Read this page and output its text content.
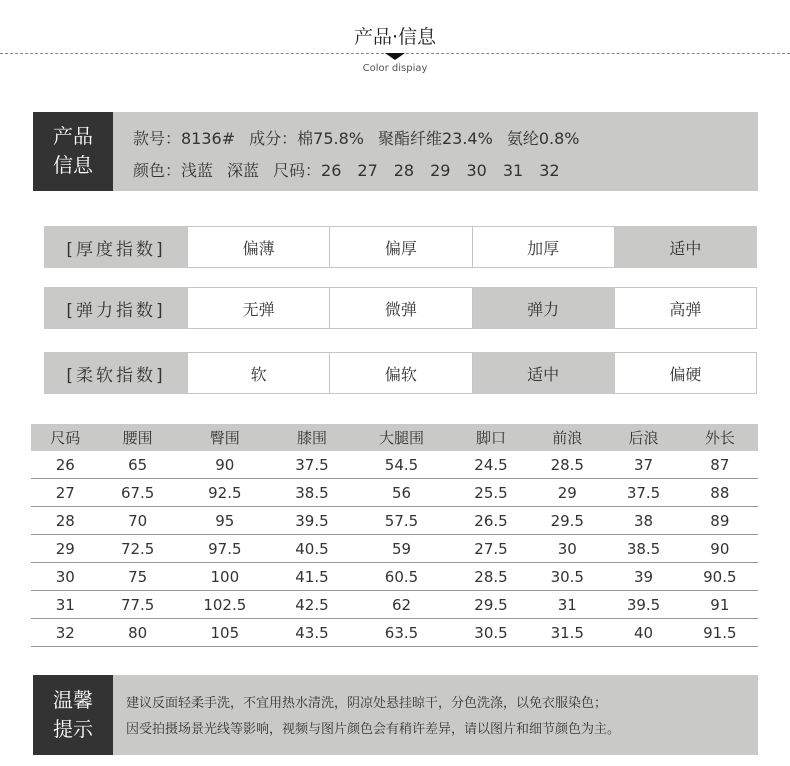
产品·信息
Color dispiay
产品
信息
款号：8136# 成分：棉75.8% 聚酯纤维23.4% 氨纶0.8%
颜色：浅蓝 深蓝 尺码：26　27　28　29　30　31　32
[厚度指数]	偏薄	偏厚	加厚	适中
[弹力指数]	无弹	微弹	弹力	高弹
[柔软指数]	软	偏软	适中	偏硬
尺码	腰围	臀围	膝围	大腿围	脚口	前浪	后浪	外长
26	65	90	37.5	54.5	24.5	28.5	37	87
27	67.5	92.5	38.5	56	25.5	29	37.5	88
28	70	95	39.5	57.5	26.5	29.5	38	89
29	72.5	97.5	40.5	59	27.5	30	38.5	90
30	75	100	41.5	60.5	28.5	30.5	39	90.5
31	77.5	102.5	42.5	62	29.5	31	39.5	91
32	80	105	43.5	63.5	30.5	31.5	40	91.5
温馨
提示
建议反面轻柔手洗，不宜用热水清洗，阴凉处悬挂晾干，分色洗涤，以免衣服染色；
因受拍摄场景光线等影响，视频与图片颜色会有稍许差异，请以图片和细节颜色为主。
